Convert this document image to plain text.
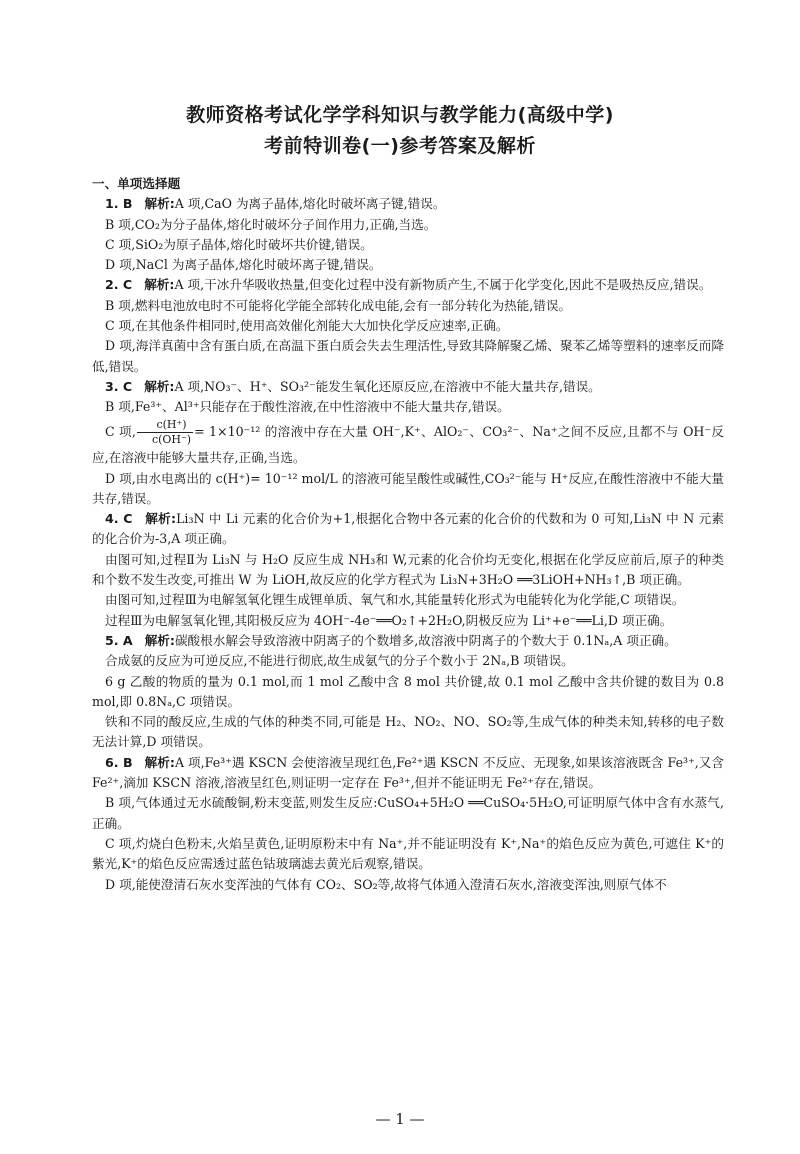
教师资格考试化学学科知识与教学能力(高级中学)
考前特训卷(一)参考答案及解析

一、单项选择题

1. B 解析:A 项,CaO 为离子晶体,熔化时破坏离子键,错误。

B 项,CO₂为分子晶体,熔化时破坏分子间作用力,正确,当选。

C 项,SiO₂为原子晶体,熔化时破坏共价键,错误。

D 项,NaCl 为离子晶体,熔化时破坏离子键,错误。

2. C 解析:A 项,干冰升华吸收热量,但变化过程中没有新物质产生,不属于化学变化,因此不是吸热反应,错误。

B 项,燃料电池放电时不可能将化学能全部转化成电能,会有一部分转化为热能,错误。

C 项,在其他条件相同时,使用高效催化剂能大大加快化学反应速率,正确。

D 项,海洋真菌中含有蛋白质,在高温下蛋白质会失去生理活性,导致其降解聚乙烯、聚苯乙烯等塑料的速率反而降低,错误。

3. C 解析:A 项,NO₃⁻、H⁺、SO₃²⁻能发生氧化还原反应,在溶液中不能大量共存,错误。

B 项,Fe³⁺、Al³⁺只能存在于酸性溶液,在中性溶液中不能大量共存,错误。

C 项, $\frac{c(H^+)}{c(OH^-)} = 1\times 10^{-12}$ 的溶液中存在大量 OH⁻,K⁺、AlO₂⁻、CO₃²⁻、Na⁺之间不反应,且都不与 OH⁻反应,在溶液中能够大量共存,正确,当选。

D 项,由水电离出的 c(H⁺)= 10⁻¹² mol/L 的溶液可能呈酸性或碱性,CO₃²⁻能与 H⁺反应,在酸性溶液中不能大量共存,错误。

4. C 解析:Li₃N 中 Li 元素的化合价为+1,根据化合物中各元素的化合价的代数和为 0 可知,Li₃N 中 N 元素的化合价为-3,A 项正确。

由图可知,过程Ⅱ为 Li₃N 与 H₂O 反应生成 NH₃和 W,元素的化合价均无变化,根据在化学反应前后,原子的种类和个数不发生改变,可推出 W 为 LiOH,故反应的化学方程式为 Li₃N+3H₂O ══3LiOH+NH₃↑,B 项正确。

由图可知,过程Ⅲ为电解氢氧化锂生成锂单质、氧气和水,其能量转化形式为电能转化为化学能,C 项错误。

过程Ⅲ为电解氢氧化锂,其阳极反应为 4OH⁻-4e⁻══O₂↑+2H₂O,阴极反应为 Li⁺+e⁻══Li,D 项正确。

5. A 解析:碳酸根水解会导致溶液中阴离子的个数增多,故溶液中阴离子的个数大于 0.1Nₐ,A 项正确。

合成氨的反应为可逆反应,不能进行彻底,故生成氨气的分子个数小于 2Nₐ,B 项错误。

6 g 乙酸的物质的量为 0.1 mol,而 1 mol 乙酸中含 8 mol 共价键,故 0.1 mol 乙酸中含共价键的数目为 0.8 mol,即 0.8Nₐ,C 项错误。

铁和不同的酸反应,生成的气体的种类不同,可能是 H₂、NO₂、NO、SO₂等,生成气体的种类未知,转移的电子数无法计算,D 项错误。

6. B 解析:A 项,Fe³⁺遇 KSCN 会使溶液呈现红色,Fe²⁺遇 KSCN 不反应、无现象,如果该溶液既含 Fe³⁺,又含 Fe²⁺,滴加 KSCN 溶液,溶液呈红色,则证明一定存在 Fe³⁺,但并不能证明无 Fe²⁺存在,错误。

B 项,气体通过无水硫酸铜,粉末变蓝,则发生反应:CuSO₄+5H₂O ══CuSO₄·5H₂O,可证明原气体中含有水蒸气,正确。

C 项,灼烧白色粉末,火焰呈黄色,证明原粉末中有 Na⁺,并不能证明没有 K⁺,Na⁺的焰色反应为黄色,可遮住 K⁺的紫光,K⁺的焰色反应需透过蓝色钴玻璃滤去黄光后观察,错误。

D 项,能使澄清石灰水变浑浊的气体有 CO₂、SO₂等,故将气体通入澄清石灰水,溶液变浑浊,则原气体不

— 1 —
